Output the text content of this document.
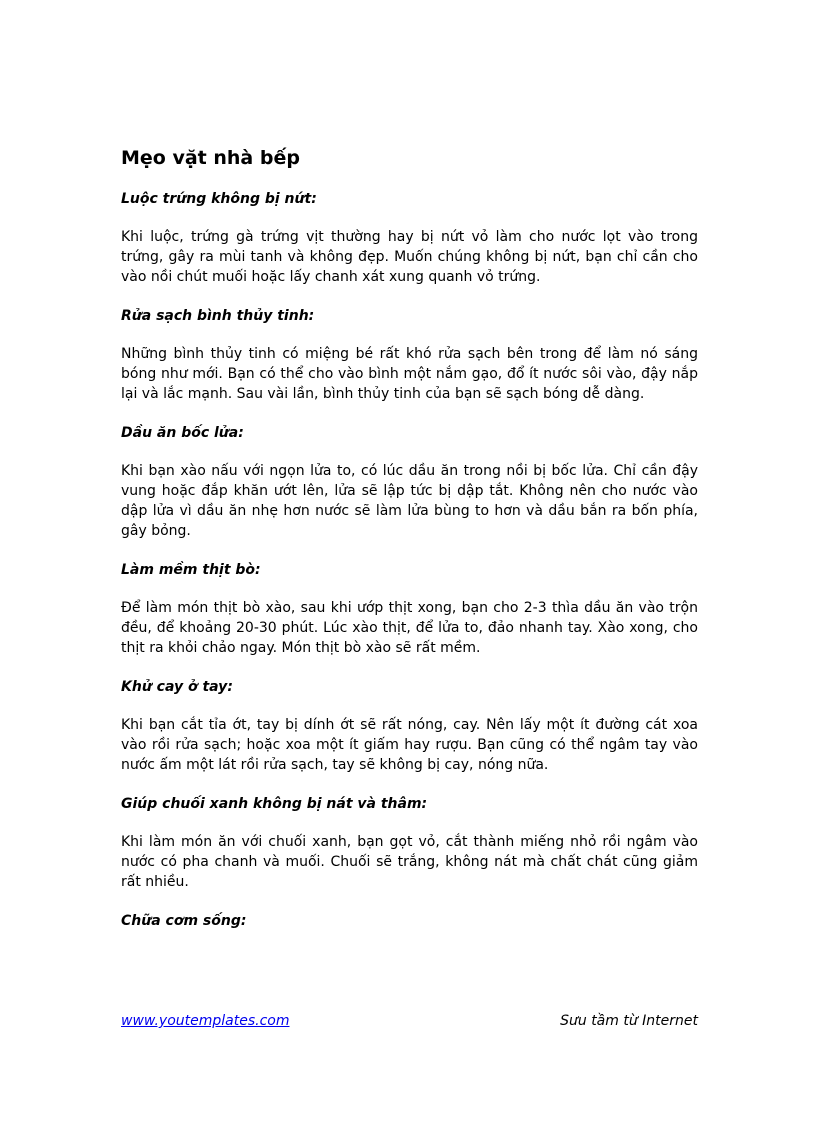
Mẹo vặt nhà bếp

Luộc trứng không bị nứt:

Khi luộc, trứng gà trứng vịt thường hay bị nứt vỏ làm cho nước lọt vào trong trứng, gây ra mùi tanh và không đẹp. Muốn chúng không bị nứt, bạn chỉ cần cho vào nồi chút muối hoặc lấy chanh xát xung quanh vỏ trứng.

Rửa sạch bình thủy tinh:

Những bình thủy tinh có miệng bé rất khó rửa sạch bên trong để làm nó sáng bóng như mới. Bạn có thể cho vào bình một nắm gạo, đổ ít nước sôi vào, đậy nắp lại và lắc mạnh. Sau vài lần, bình thủy tinh của bạn sẽ sạch bóng dễ dàng.

Dầu ăn bốc lửa:

Khi bạn xào nấu với ngọn lửa to, có lúc dầu ăn trong nồi bị bốc lửa. Chỉ cần đậy vung hoặc đắp khăn ướt lên, lửa sẽ lập tức bị dập tắt. Không nên cho nước vào dập lửa vì dầu ăn nhẹ hơn nước sẽ làm lửa bùng to hơn và dầu bắn ra bốn phía, gây bỏng.

Làm mềm thịt bò:

Để làm món thịt bò xào, sau khi ướp thịt xong, bạn cho 2-3 thìa dầu ăn vào trộn đều, để khoảng 20-30 phút. Lúc xào thịt, để lửa to, đảo nhanh tay. Xào xong, cho thịt ra khỏi chảo ngay. Món thịt bò xào sẽ rất mềm.

Khử cay ở tay:

Khi bạn cắt tỉa ớt, tay bị dính ớt sẽ rất nóng, cay. Nên lấy một ít đường cát xoa vào rồi rửa sạch; hoặc xoa một ít giấm hay rượu. Bạn cũng có thể ngâm tay vào nước ấm một lát rồi rửa sạch, tay sẽ không bị cay, nóng nữa.

Giúp chuối xanh không bị nát và thâm:

Khi làm món ăn với chuối xanh, bạn gọt vỏ, cắt thành miếng nhỏ rồi ngâm vào nước có pha chanh và muối. Chuối sẽ trắng, không nát mà chất chát cũng giảm rất nhiều.

Chữa cơm sống:

www.youtemplates.com	Sưu tầm từ Internet
